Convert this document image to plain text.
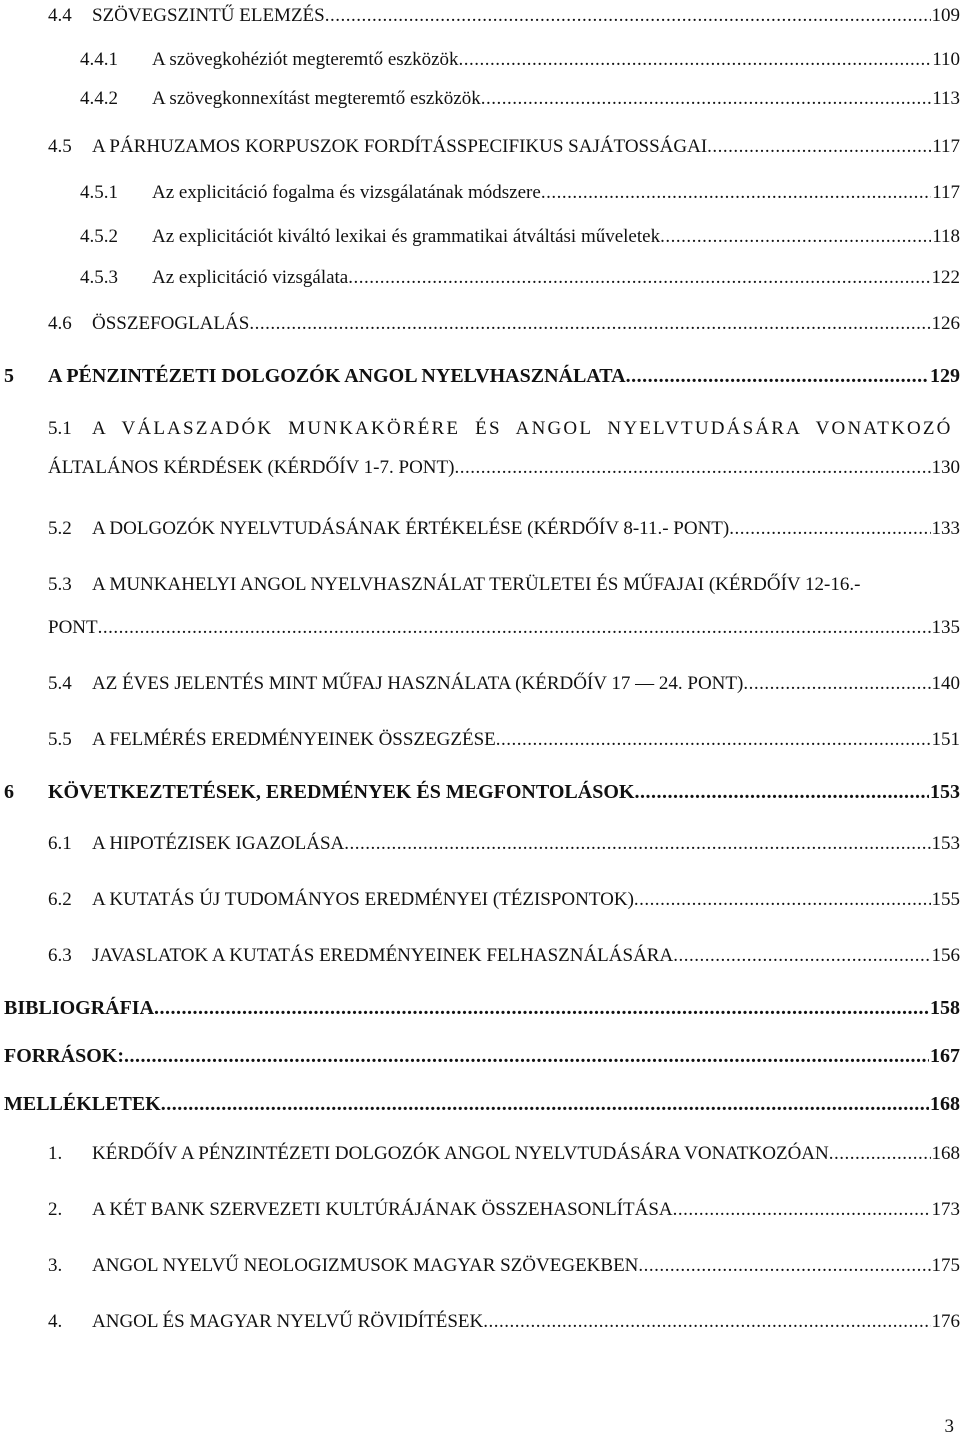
4.4 SZÖVEGSZINTŰ ELEMZÉS .....	109
4.4.1 A szövegkohéziót megteremtő eszközök .....	110
4.4.2 A szövegkonnexítást megteremtő eszközök .....	113
4.5 A PÁRHUZAMOS KORPUSZOK FORDÍTÁSSPECIFIKUS SAJÁTOSSÁGAI .....	117
4.5.1 Az explicitáció fogalma és vizsgálatának módszere .....	117
4.5.2 Az explicitációt kiváltó lexikai és grammatikai átváltási műveletek .....	118
4.5.3 Az explicitáció vizsgálata .....	122
4.6 ÖSSZEFOGLALÁS .....	126
5 A PÉNZINTÉZETI DOLGOZÓK ANGOL NYELVHASZNÁLATA .....	129
5.1 A VÁLASZADÓK MUNKAKÖRÉRE ÉS ANGOL NYELVTUDÁSÁRA VONATKOZÓ
ÁLTALÁNOS KÉRDÉSEK (KÉRDŐÍV 1-7. PONT) .....	130
5.2 A DOLGOZÓK NYELVTUDÁSÁNAK ÉRTÉKELÉSE (KÉRDŐÍV 8-11.- PONT) .....	133
5.3 A MUNKAHELYI ANGOL NYELVHASZNÁLAT TERÜLETEI ÉS MŰFAJAI (KÉRDŐÍV 12-16.-
PONT .....	135
5.4 AZ ÉVES JELENTÉS MINT MŰFAJ HASZNÁLATA (KÉRDŐÍV 17 — 24. PONT) .....	140
5.5 A FELMÉRÉS EREDMÉNYEINEK ÖSSZEGZÉSE .....	151
6 KÖVETKEZTETÉSEK, EREDMÉNYEK ÉS MEGFONTOLÁSOK .....	153
6.1 A HIPOTÉZISEK IGAZOLÁSA .....	153
6.2 A KUTATÁS ÚJ TUDOMÁNYOS EREDMÉNYEI (TÉZISPONTOK) .....	155
6.3 JAVASLATOK A KUTATÁS EREDMÉNYEINEK FELHASZNÁLÁSÁRA .....	156
BIBLIOGRÁFIA .....	158
FORRÁSOK: .....	167
MELLÉKLETEK .....	168
1. KÉRDŐÍV A PÉNZINTÉZETI DOLGOZÓK ANGOL NYELVTUDÁSÁRA VONATKOZÓAN .....	168
2. A KÉT BANK SZERVEZETI KULTÚRÁJÁNAK ÖSSZEHASONLÍTÁSA .....	173
3. ANGOL NYELVŰ NEOLOGIZMUSOK MAGYAR SZÖVEGEKBEN .....	175
4. ANGOL ÉS MAGYAR NYELVŰ RÖVIDÍTÉSEK .....	176
3
